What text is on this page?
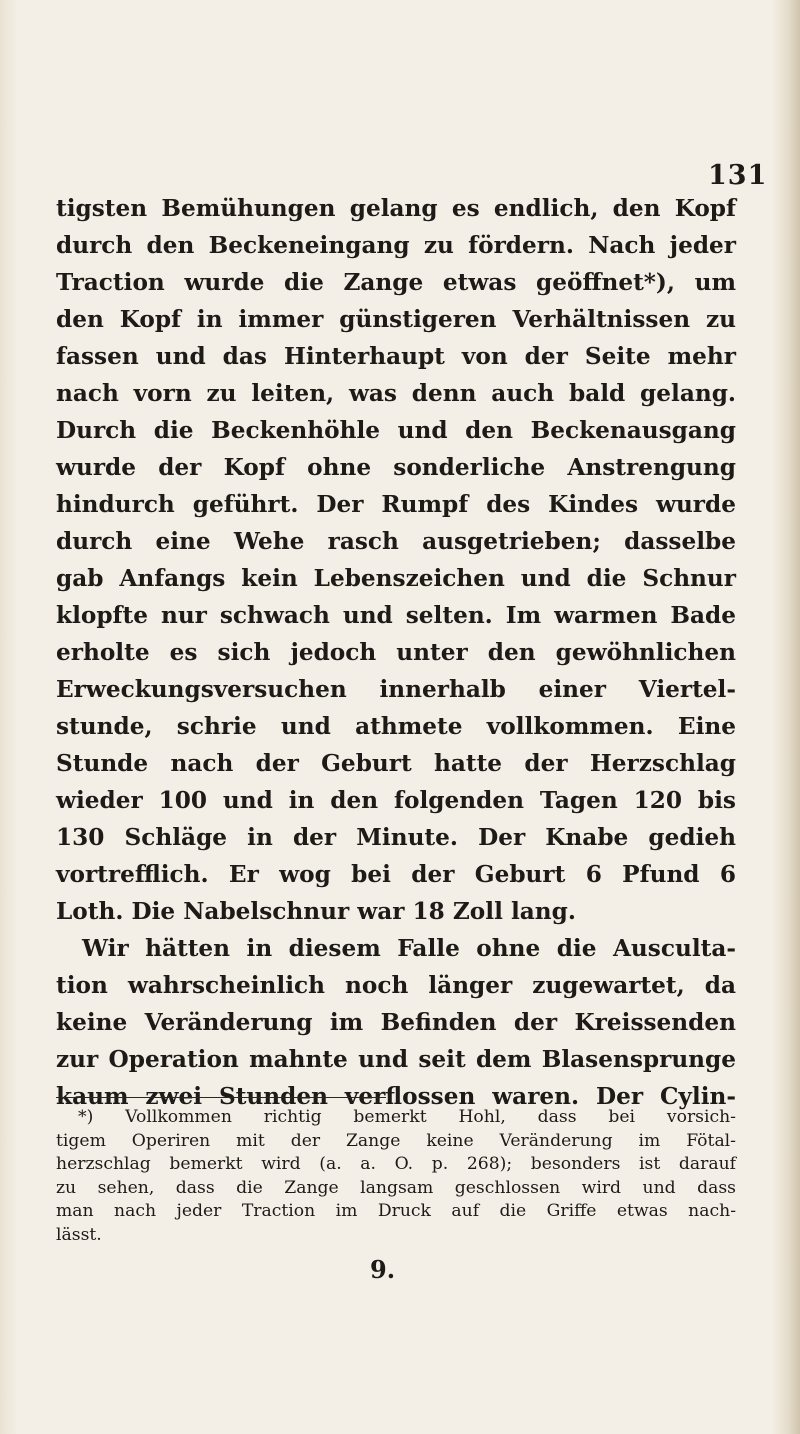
131
tigsten Bemühungen gelang es endlich, den Kopf
durch den Beckeneingang zu fördern. Nach jeder
Traction wurde die Zange etwas geöffnet*), um
den Kopf in immer günstigeren Verhältnissen zu
fassen und das Hinterhaupt von der Seite mehr
nach vorn zu leiten, was denn auch bald gelang.
Durch die Beckenhöhle und den Beckenausgang
wurde der Kopf ohne sonderliche Anstrengung
hindurch geführt. Der Rumpf des Kindes wurde
durch eine Wehe rasch ausgetrieben; dasselbe
gab Anfangs kein Lebenszeichen und die Schnur
klopfte nur schwach und selten. Im warmen Bade
erholte es sich jedoch unter den gewöhnlichen
Erweckungsversuchen innerhalb einer Viertel-
stunde, schrie und athmete vollkommen. Eine
Stunde nach der Geburt hatte der Herzschlag
wieder 100 und in den folgenden Tagen 120 bis
130 Schläge in der Minute. Der Knabe gedieh
vortrefflich. Er wog bei der Geburt 6 Pfund 6
Loth. Die Nabelschnur war 18 Zoll lang.
Wir hätten in diesem Falle ohne die Ausculta-
tion wahrscheinlich noch länger zugewartet, da
keine Veränderung im Befinden der Kreissenden
zur Operation mahnte und seit dem Blasensprunge
kaum zwei Stunden verflossen waren. Der Cylin-
*) Vollkommen richtig bemerkt Hohl, dass bei vorsich-
tigem Operiren mit der Zange keine Veränderung im Fötal-
herzschlag bemerkt wird (a. a. O. p. 268); besonders ist darauf
zu sehen, dass die Zange langsam geschlossen wird und dass
man nach jeder Traction im Druck auf die Griffe etwas nach-
lässt.
9.
